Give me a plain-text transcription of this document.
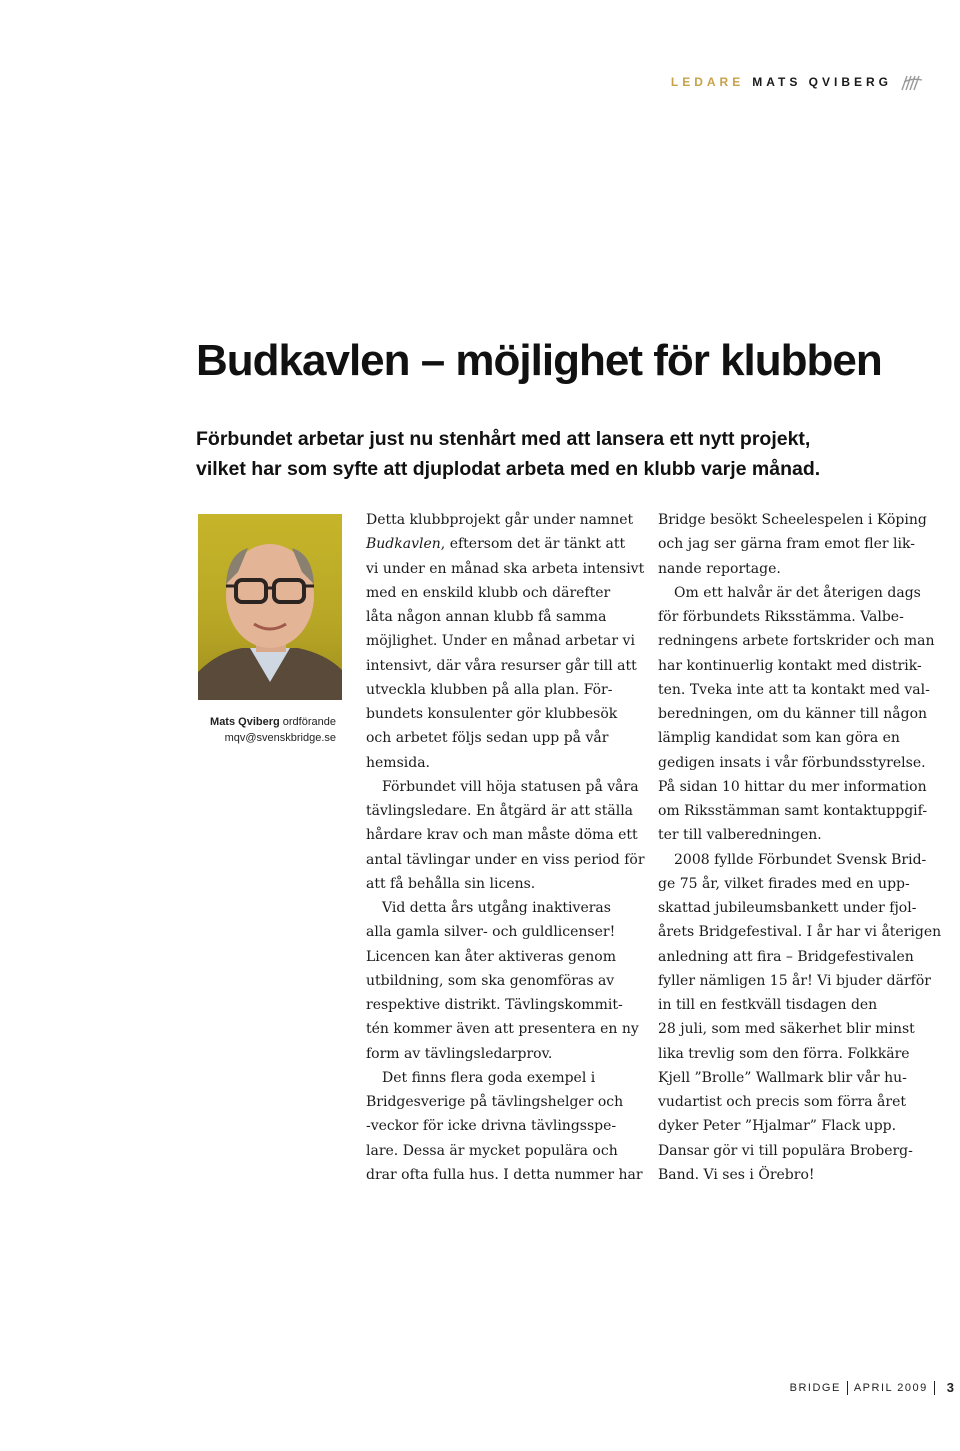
LEDARE MATS QVIBERG
Budkavlen – möjlighet för klubben

Förbundet arbetar just nu stenhårt med att lansera ett nytt projekt,
vilket har som syfte att djuplodat arbeta med en klubb varje månad.

Mats Qviberg ordförande
mqv@svenskbridge.se
Detta klubbprojekt går under namnet
Budkavlen, eftersom det är tänkt att
vi under en månad ska arbeta intensivt
med en enskild klubb och därefter
låta någon annan klubb få samma
möjlighet. Under en månad arbetar vi
intensivt, där våra resurser går till att
utveckla klubben på alla plan. För-
bundets konsulenter gör klubbesök
och arbetet följs sedan upp på vår
hemsida.
Förbundet vill höja statusen på våra
tävlingsledare. En åtgärd är att ställa
hårdare krav och man måste döma ett
antal tävlingar under en viss period för
att få behålla sin licens.
Vid detta års utgång inaktiveras
alla gamla silver- och guldlicenser!
Licencen kan åter aktiveras genom
utbildning, som ska genomföras av
respektive distrikt. Tävlingskommit-
tén kommer även att presentera en ny
form av tävlingsledarprov.
Det finns flera goda exempel i
Bridgesverige på tävlingshelger och
-veckor för icke drivna tävlingsspe-
lare. Dessa är mycket populära och
drar ofta fulla hus. I detta nummer har
Bridge besökt Scheelespelen i Köping
och jag ser gärna fram emot fler lik-
nande reportage.
Om ett halvår är det återigen dags
för förbundets Riksstämma. Valbe-
redningens arbete fortskrider och man
har kontinuerlig kontakt med distrik-
ten. Tveka inte att ta kontakt med val-
beredningen, om du känner till någon
lämplig kandidat som kan göra en
gedigen insats i vår förbundsstyrelse.
På sidan 10 hittar du mer information
om Riksstämman samt kontaktuppgif-
ter till valberedningen.
2008 fyllde Förbundet Svensk Brid-
ge 75 år, vilket firades med en upp-
skattad jubileumsbankett under fjol-
årets Bridgefestival. I år har vi återigen
anledning att fira – Bridgefestivalen
fyller nämligen 15 år! Vi bjuder därför
in till en festkväll tisdagen den
28 juli, som med säkerhet blir minst
lika trevlig som den förra. Folkkäre
Kjell ”Brolle” Wallmark blir vår hu-
vudartist och precis som förra året
dyker Peter ”Hjalmar” Flack upp.
Dansar gör vi till populära Broberg-
Band. Vi ses i Örebro!
BRIDGE APRIL 2009 3
